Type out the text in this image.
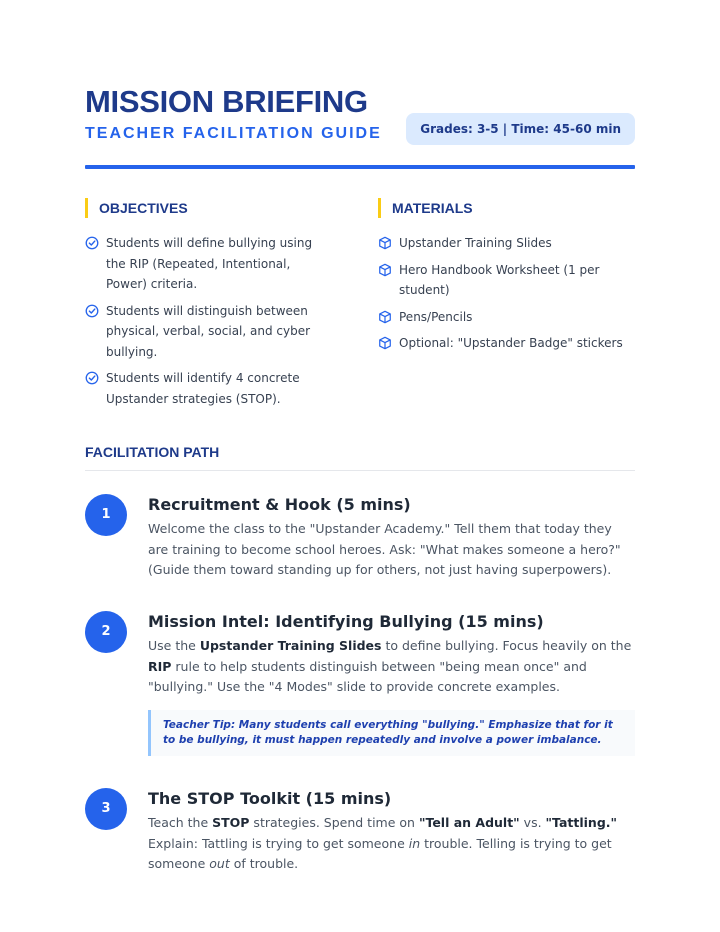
MISSION BRIEFING
TEACHER FACILITATION GUIDE	Grades: 3-5 | Time: 45-60 min
OBJECTIVES
Students will define bullying using the RIP (Repeated, Intentional, Power) criteria.
Students will distinguish between physical, verbal, social, and cyber bullying.
Students will identify 4 concrete Upstander strategies (STOP).
MATERIALS
Upstander Training Slides
Hero Handbook Worksheet (1 per student)
Pens/Pencils
Optional: "Upstander Badge" stickers
FACILITATION PATH
1
Recruitment & Hook (5 mins)
Welcome the class to the "Upstander Academy." Tell them that today they are training to become school heroes. Ask: "What makes someone a hero?" (Guide them toward standing up for others, not just having superpowers).
2
Mission Intel: Identifying Bullying (15 mins)
Use the Upstander Training Slides to define bullying. Focus heavily on the RIP rule to help students distinguish between "being mean once" and "bullying." Use the "4 Modes" slide to provide concrete examples.
Teacher Tip: Many students call everything "bullying." Emphasize that for it to be bullying, it must happen repeatedly and involve a power imbalance.
3
The STOP Toolkit (15 mins)
Teach the STOP strategies. Spend time on "Tell an Adult" vs. "Tattling." Explain: Tattling is trying to get someone in trouble. Telling is trying to get someone out of trouble.
